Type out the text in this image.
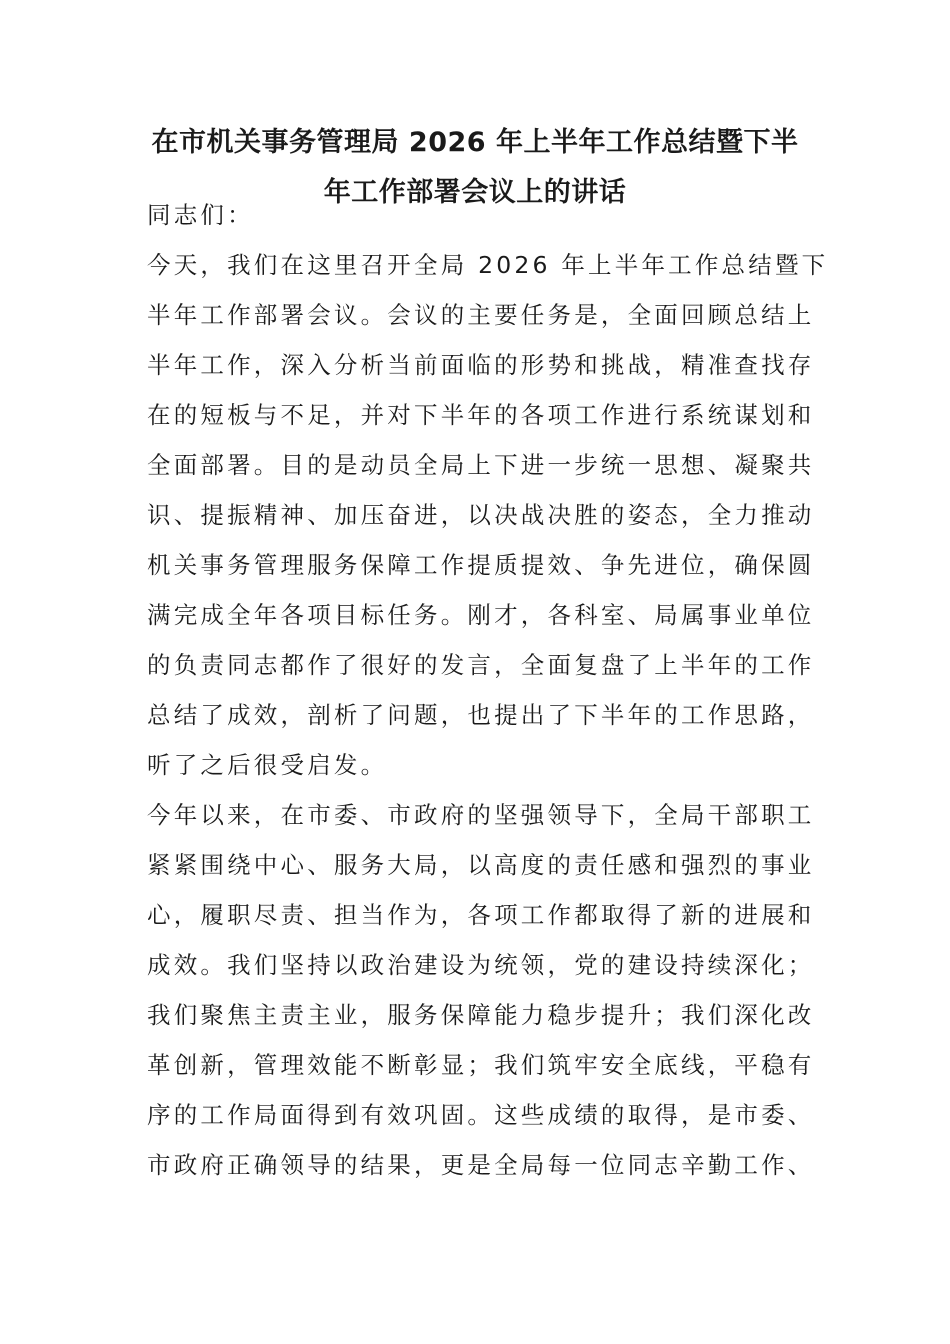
在市机关事务管理局 2026 年上半年工作总结暨下半
年工作部署会议上的讲话
同志们：
今天，我们在这里召开全局 2026 年上半年工作总结暨下
半年工作部署会议。会议的主要任务是，全面回顾总结上
半年工作，深入分析当前面临的形势和挑战，精准查找存
在的短板与不足，并对下半年的各项工作进行系统谋划和
全面部署。目的是动员全局上下进一步统一思想、凝聚共
识、提振精神、加压奋进，以决战决胜的姿态，全力推动
机关事务管理服务保障工作提质提效、争先进位，确保圆
满完成全年各项目标任务。刚才，各科室、局属事业单位
的负责同志都作了很好的发言，全面复盘了上半年的工作
总结了成效，剖析了问题，也提出了下半年的工作思路，
听了之后很受启发。
今年以来，在市委、市政府的坚强领导下，全局干部职工
紧紧围绕中心、服务大局，以高度的责任感和强烈的事业
心，履职尽责、担当作为，各项工作都取得了新的进展和
成效。我们坚持以政治建设为统领，党的建设持续深化；
我们聚焦主责主业，服务保障能力稳步提升；我们深化改
革创新，管理效能不断彰显；我们筑牢安全底线，平稳有
序的工作局面得到有效巩固。这些成绩的取得，是市委、
市政府正确领导的结果，更是全局每一位同志辛勤工作、
